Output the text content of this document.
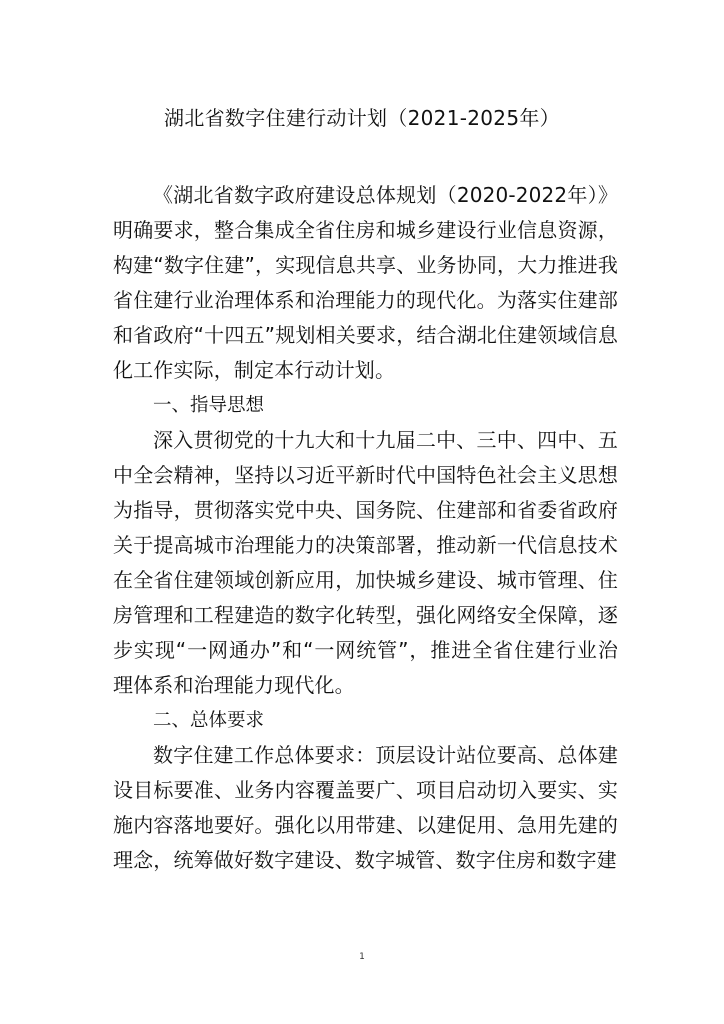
湖北省数字住建行动计划（2021-2025年）

《湖北省数字政府建设总体规划（2020-2022年）》明确要求，整合集成全省住房和城乡建设行业信息资源，构建“数字住建”，实现信息共享、业务协同，大力推进我省住建行业治理体系和治理能力的现代化。为落实住建部和省政府“十四五”规划相关要求，结合湖北住建领域信息化工作实际，制定本行动计划。

一、指导思想

深入贯彻党的十九大和十九届二中、三中、四中、五中全会精神，坚持以习近平新时代中国特色社会主义思想为指导，贯彻落实党中央、国务院、住建部和省委省政府关于提高城市治理能力的决策部署，推动新一代信息技术在全省住建领域创新应用，加快城乡建设、城市管理、住房管理和工程建造的数字化转型，强化网络安全保障，逐步实现“一网通办”和“一网统管”，推进全省住建行业治理体系和治理能力现代化。

二、总体要求

数字住建工作总体要求：顶层设计站位要高、总体建设目标要准、业务内容覆盖要广、项目启动切入要实、实施内容落地要好。强化以用带建、以建促用、急用先建的理念，统筹做好数字建设、数字城管、数字住房和数字建

1
